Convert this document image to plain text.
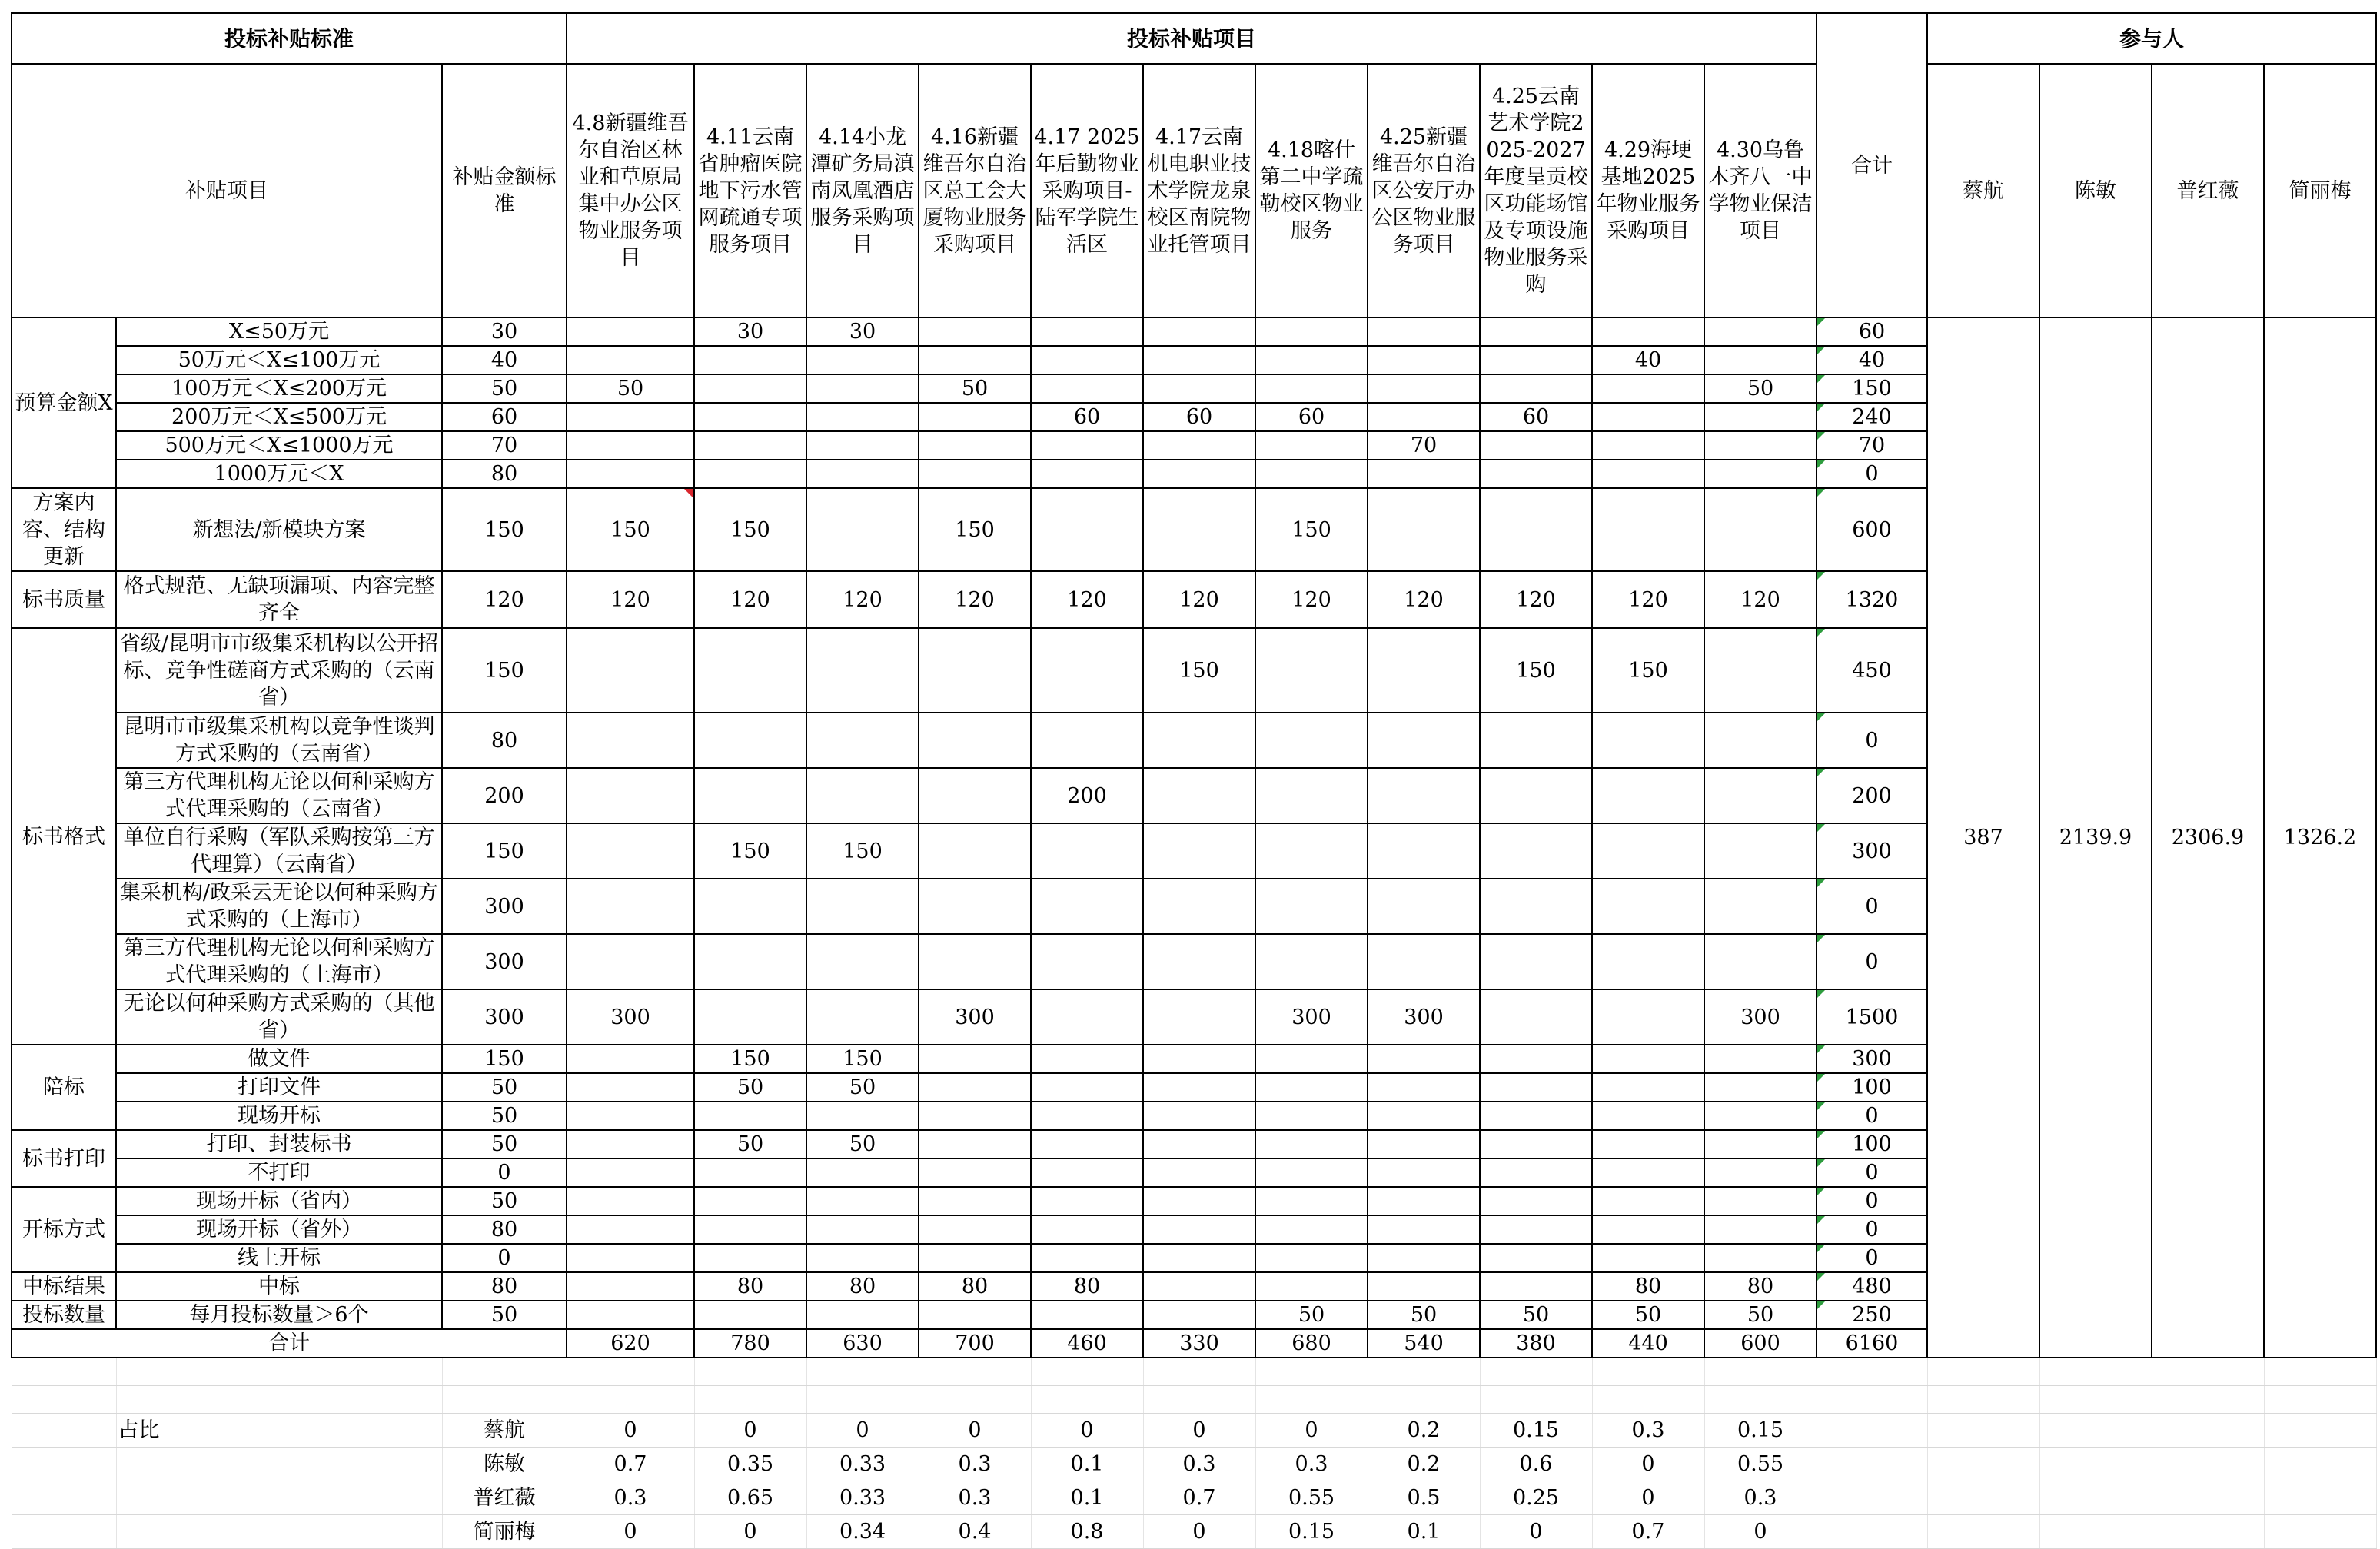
投标补贴标准			投标补贴项目											合计	参与人			
补贴项目		补贴金额标准	4.8新疆维吾尔自治区林业和草原局集中办公区物业服务项目	4.11云南省肿瘤医院地下污水管网疏通专项服务项目	4.14小龙潭矿务局滇南凤凰酒店服务采购项目	4.16新疆维吾尔自治区总工会大厦物业服务采购项目	4.17 2025年后勤物业采购项目-陆军学院生活区	4.17云南机电职业技术学院龙泉校区南院物业托管项目	4.18喀什第二中学疏勒校区物业服务	4.25新疆维吾尔自治区公安厅办公区物业服务项目	4.25云南艺术学院2025-2027年度呈贡校区功能场馆及专项设施物业服务采购	4.29海埂基地2025年物业服务采购项目	4.30乌鲁木齐八一中学物业保洁项目		蔡航	陈敏	普红薇	简丽梅
预算金额X	X≤50万元	30		30	30									60	387	2139.9	2306.9	1326.2
	50万元＜X≤100万元	40										40		40				
	100万元＜X≤200万元	50	50			50							50	150				
	200万元＜X≤500万元	60					60	60	60		60			240				
	500万元＜X≤1000万元	70								70				70				
	1000万元＜X	80												0				
方案内容、结构更新	新想法/新模块方案	150	150	150		150			150					600				
标书质量	格式规范、无缺项漏项、内容完整齐全	120	120	120	120	120	120	120	120	120	120	120	120	1320				
标书格式	省级/昆明市市级集采机构以公开招标、竞争性磋商方式采购的（云南省）	150						150			150	150		450				
	昆明市市级集采机构以竞争性谈判方式采购的（云南省）	80												0				
	第三方代理机构无论以何种采购方式代理采购的（云南省）	200					200							200				
	单位自行采购（军队采购按第三方代理算）（云南省）	150		150	150									300				
	集采机构/政采云无论以何种采购方式采购的（上海市）	300												0				
	第三方代理机构无论以何种采购方式代理采购的（上海市）	300												0				
	无论以何种采购方式采购的（其他省）	300	300			300			300	300			300	1500				
陪标	做文件	150		150	150									300				
	打印文件	50		50	50									100				
	现场开标	50												0				
标书打印	打印、封装标书	50		50	50									100				
	不打印	0												0				
开标方式	现场开标（省内）	50												0				
	现场开标（省外）	80												0				
	线上开标	0												0				
中标结果	中标	80		80	80	80	80					80	80	480				
投标数量	每月投标数量＞6个	50							50	50	50	50	50	250				
合计			620	780	630	700	460	330	680	540	380	440	600	6160				

	占比	蔡航	0	0	0	0	0	0	0	0.2	0.15	0.3	0.15					
		陈敏	0.7	0.35	0.33	0.3	0.1	0.3	0.3	0.2	0.6	0	0.55					
		普红薇	0.3	0.65	0.33	0.3	0.1	0.7	0.55	0.5	0.25	0	0.3					
		简丽梅	0	0	0.34	0.4	0.8	0	0.15	0.1	0	0.7	0					
